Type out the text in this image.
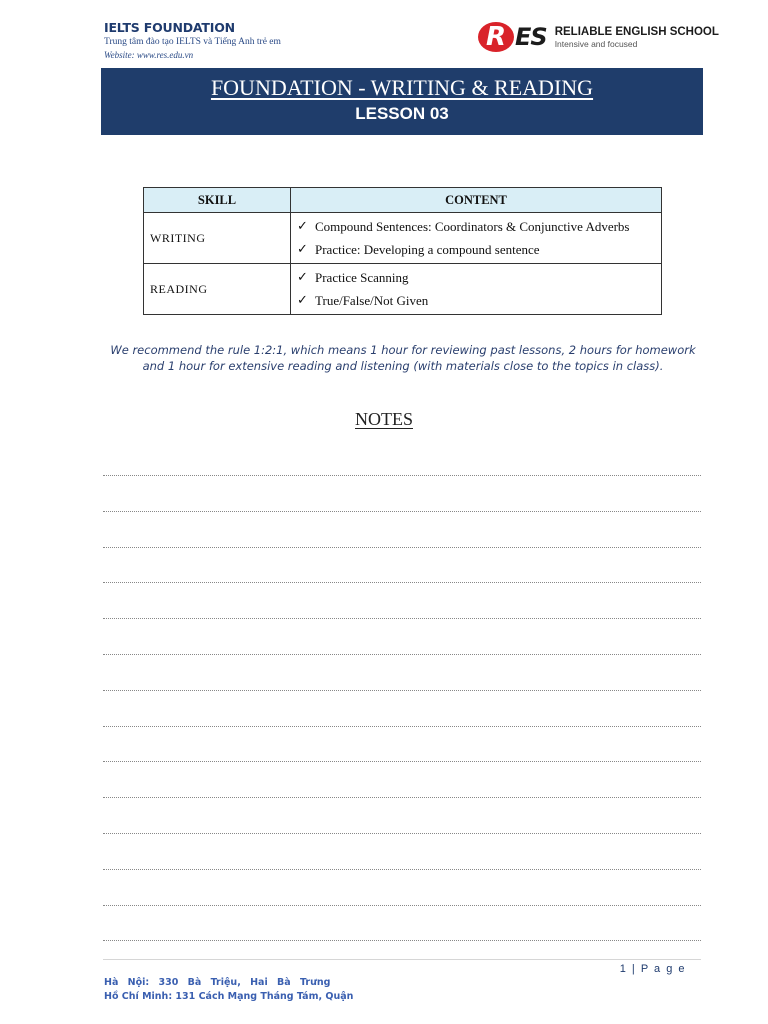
IELTS FOUNDATION
Trung tâm đào tạo IELTS và Tiếng Anh trẻ em
Website: www.res.edu.vn
R ES RELIABLE ENGLISH SCHOOL
Intensive and focused
FOUNDATION - WRITING & READING
LESSON 03
SKILL	CONTENT
WRITING	✓ Compound Sentences: Coordinators & Conjunctive Adverbs
✓ Practice: Developing a compound sentence

READING	✓ Practice Scanning
✓ True/False/Not Given
We recommend the rule 1:2:1, which means 1 hour for reviewing past lessons, 2 hours for homework and 1 hour for extensive reading and listening (with materials close to the topics in class).
NOTES
1 | P a g e
Hà Nội: 330 Bà Triệu, Hai Bà Trưng
Hồ Chí Minh: 131 Cách Mạng Tháng Tám, Quận
